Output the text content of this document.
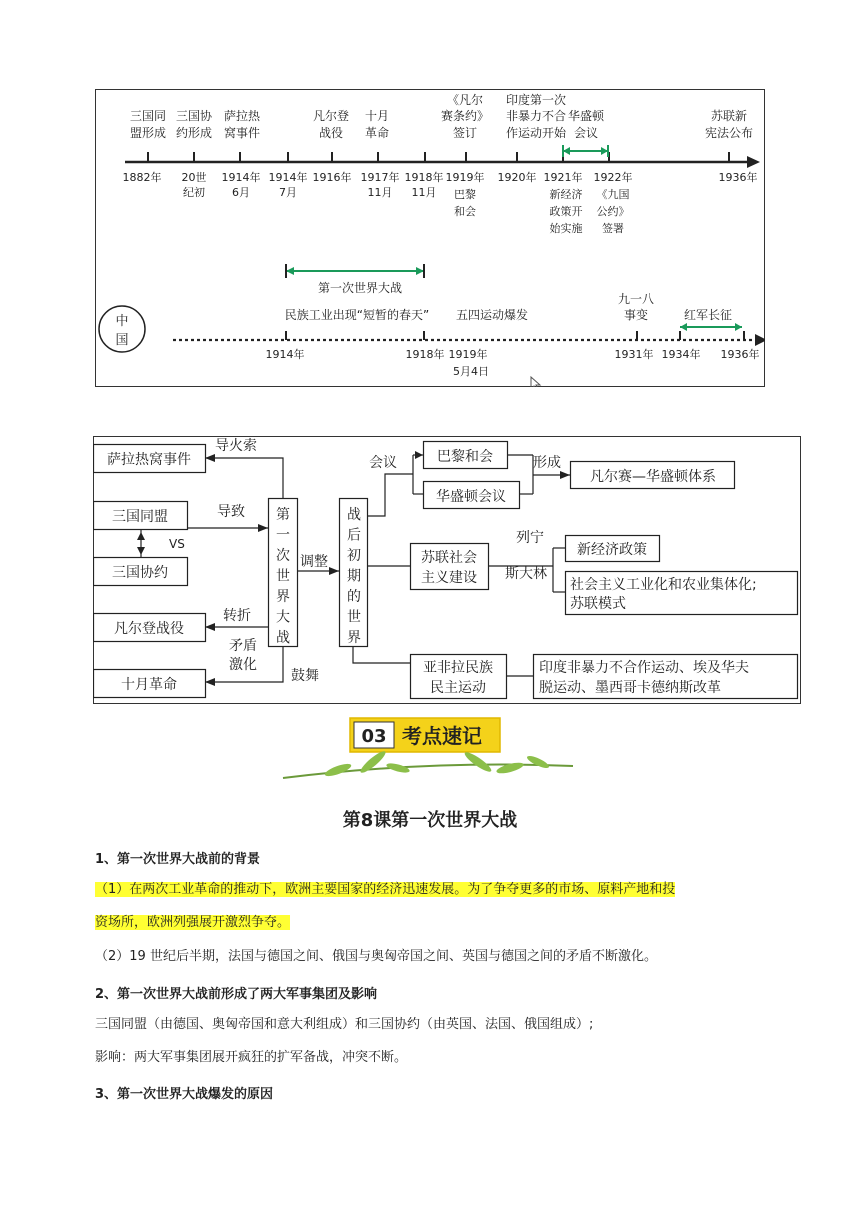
三国同
盟形成
三国协
约形成
萨拉热
窝事件
凡尔登
战役
十月
革命
《凡尔
赛条约》
签订
印度第一次
非暴力不合
作运动开始
华盛顿
会议
苏联新
宪法公布
1882年 20世
纪初
1914年
6月
1914年
7月
1916年 1917年
11月
1918年
11月
1919年
巴黎
和会
1920年 1921年
新经济
政策开
始实施
1922年
《九国
公约》
签署
1936年
第一次世界大战
中
国
民族工业出现“短暂的春天” 五四运动爆发
九一八
事变	红军长征
1914年	1918年 1919年
5月4日
1931年 1934年 1936年
萨拉热窝事件
三国同盟
三国协约
凡尔登战役
十月革命
VS
导火索
导致
转折
矛盾
激化
鼓舞
调整
会议	形成
列宁
斯大林
巴黎和会
华盛顿会议
凡尔赛—华盛顿体系
苏联社会
主义建设
新经济政策
社会主义工业化和农业集体化;
苏联模式
亚非拉民族
民主运动
印度非暴力不合作运动、埃及华夫
脱运动、墨西哥卡德纳斯改革
第
一
次
世
界
大
战
战
后
初
期
的
世
界
03 考点速记
第8课第一次世界大战
1、第一次世界大战前的背景
（1）在两次工业革命的推动下，欧洲主要国家的经济迅速发展。为了争夺更多的市场、原料产地和投
资场所，欧洲列强展开激烈争夺。
（2）19 世纪后半期，法国与德国之间、俄国与奥匈帝国之间、英国与德国之间的矛盾不断激化。
2、第一次世界大战前形成了两大军事集团及影响
三国同盟（由德国、奥匈帝国和意大利组成）和三国协约（由英国、法国、俄国组成）;
影响：两大军事集团展开疯狂的扩军备战，冲突不断。
3、第一次世界大战爆发的原因
